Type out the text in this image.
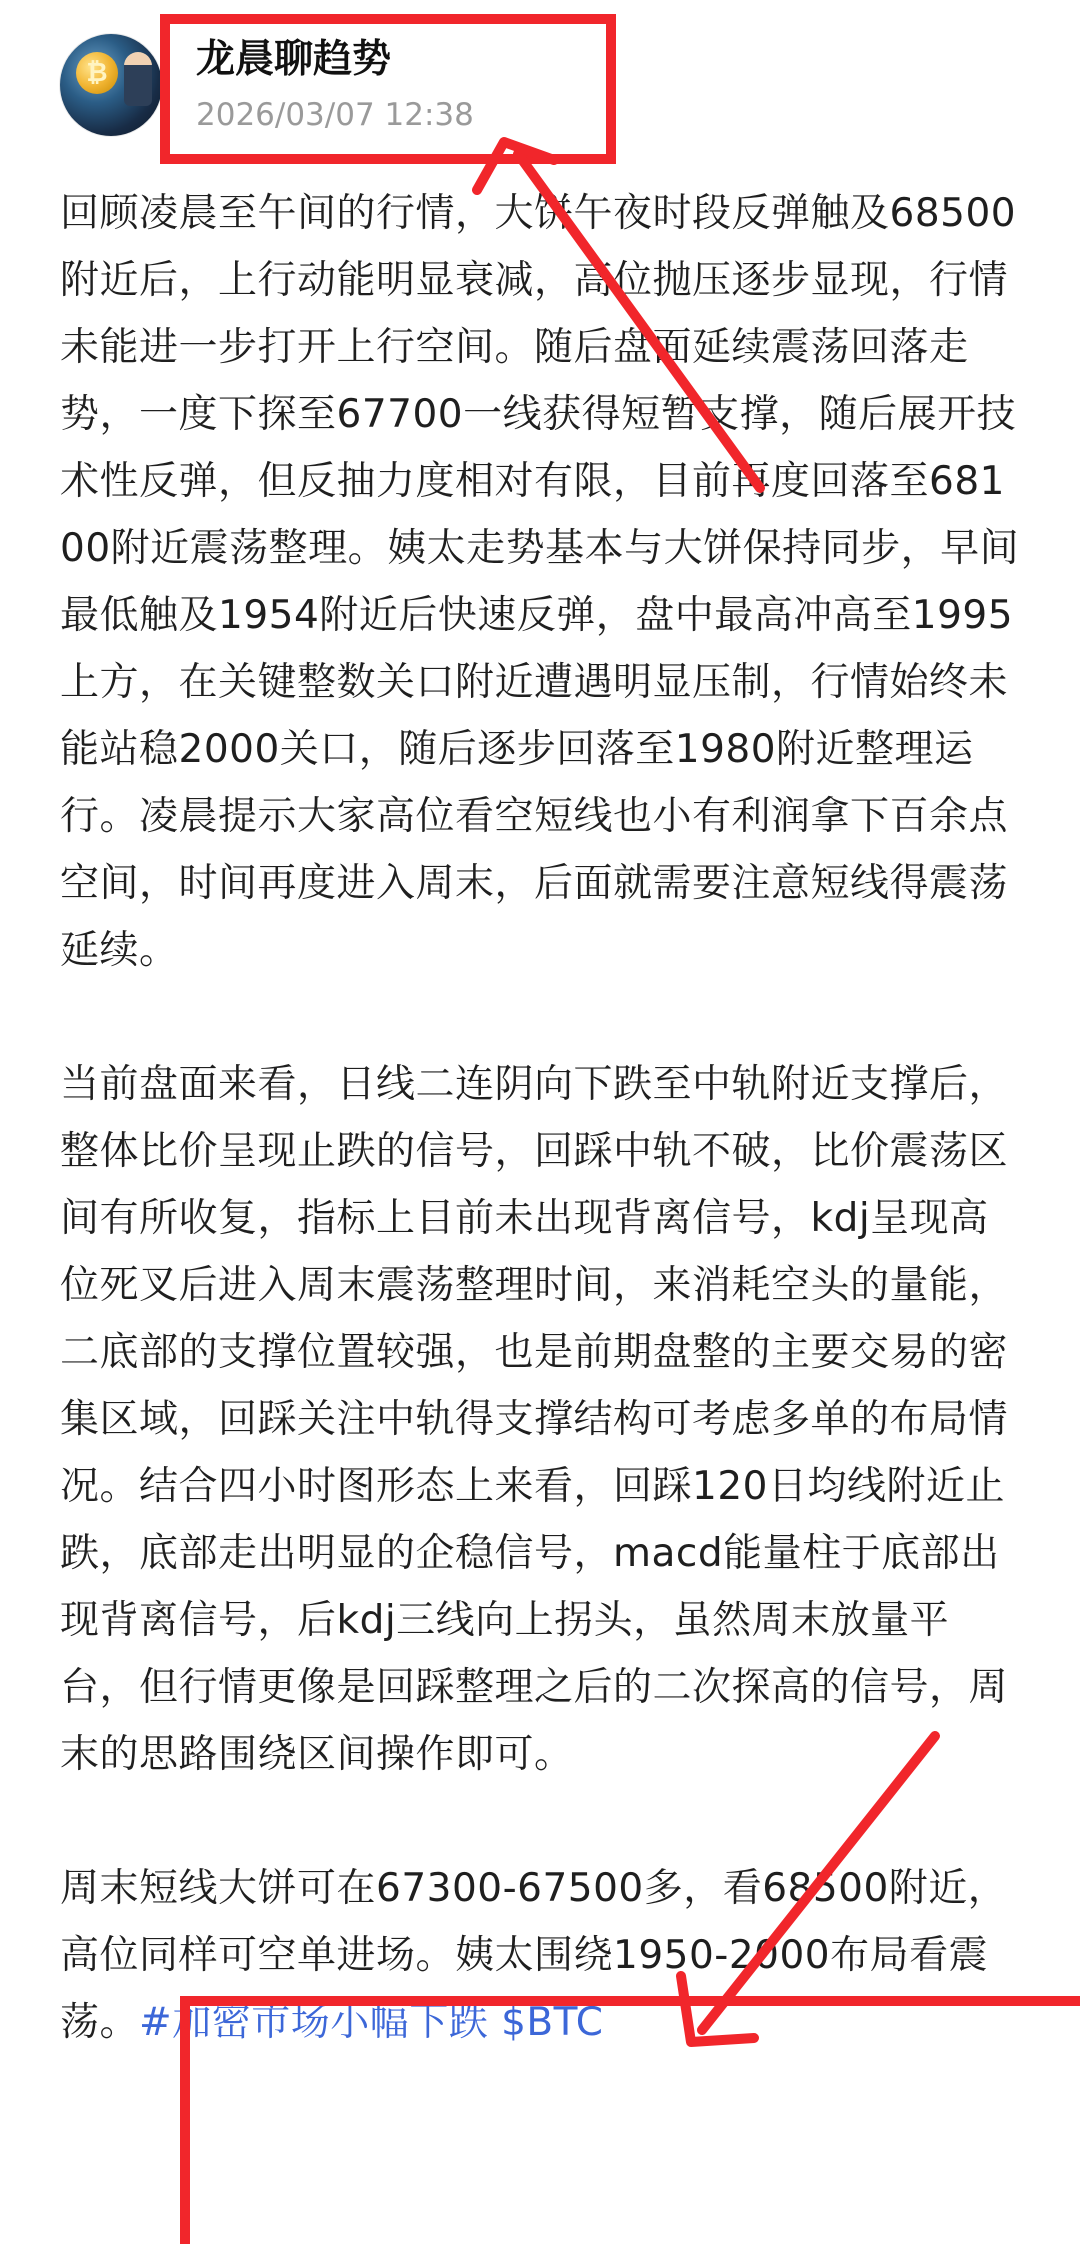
₿ 龙晨聊趋势
2026/03/07 12:38

回顾凌晨至午间的行情，大饼午夜时段反弹触及68500附近后，上行动能明显衰减，高位抛压逐步显现，行情未能进一步打开上行空间。随后盘面延续震荡回落走势，一度下探至67700一线获得短暂支撑，随后展开技术性反弹，但反抽力度相对有限，目前再度回落至68100附近震荡整理。姨太走势基本与大饼保持同步，早间最低触及1954附近后快速反弹，盘中最高冲高至1995上方，在关键整数关口附近遭遇明显压制，行情始终未能站稳2000关口，随后逐步回落至1980附近整理运行。凌晨提示大家高位看空短线也小有利润拿下百余点空间，时间再度进入周末，后面就需要注意短线得震荡延续。

当前盘面来看，日线二连阴向下跌至中轨附近支撑后，整体比价呈现止跌的信号，回踩中轨不破，比价震荡区间有所收复，指标上目前未出现背离信号，kdj呈现高位死叉后进入周末震荡整理时间，来消耗空头的量能，二底部的支撑位置较强，也是前期盘整的主要交易的密集区域，回踩关注中轨得支撑结构可考虑多单的布局情况。结合四小时图形态上来看，回踩120日均线附近止跌，底部走出明显的企稳信号，macd能量柱于底部出现背离信号，后kdj三线向上拐头，虽然周末放量平台，但行情更像是回踩整理之后的二次探高的信号，周末的思路围绕区间操作即可。

周末短线大饼可在67300-67500多，看68500附近，高位同样可空单进场。姨太围绕1950-2000布局看震荡。#加密市场小幅下跌 $BTC
